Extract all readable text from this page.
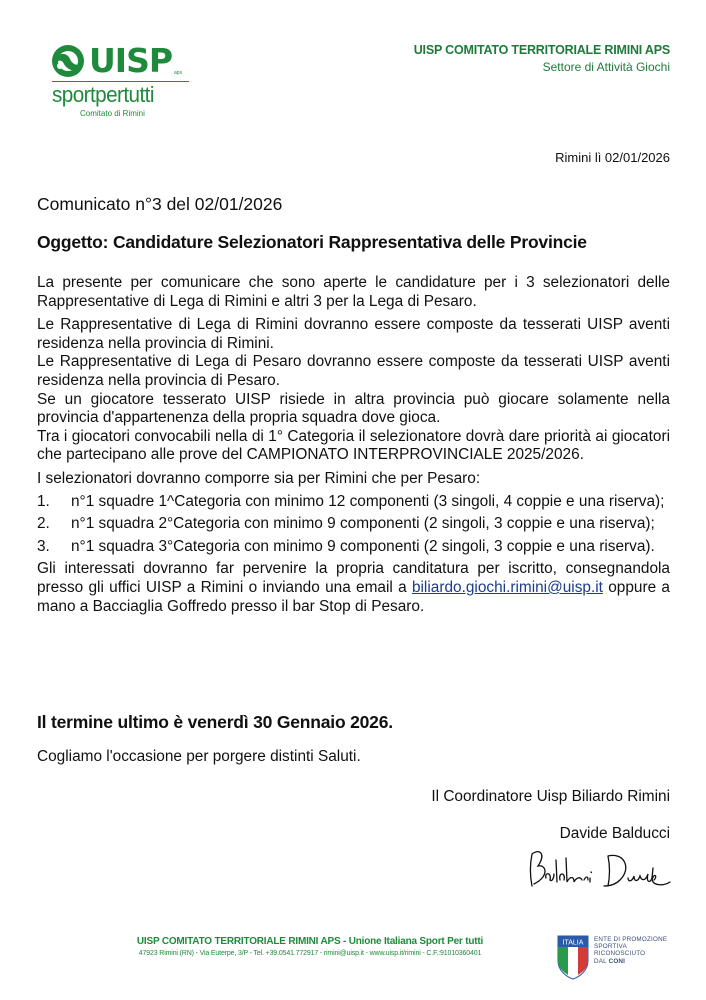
UISP aps
sportpertutti
Comitato di Rimini
UISP COMITATO TERRITORIALE RIMINI APS
Settore di Attività Giochi
Rimini lì 02/01/2026
Comunicato n°3 del 02/01/2026
Oggetto: Candidature Selezionatori Rappresentativa delle Provincie

La presente per comunicare che sono aperte le candidature per i 3 selezionatori delle

Rappresentative di Lega di Rimini e altri 3 per la Lega di Pesaro.

Le Rappresentative di Lega di Rimini dovranno essere composte da tesserati UISP aventi residenza nella provincia di Rimini.

Le Rappresentative di Lega di Pesaro dovranno essere composte da tesserati UISP aventi residenza nella provincia di Pesaro.

Se un giocatore tesserato UISP risiede in altra provincia può giocare solamente nella provincia d'appartenenza della propria squadra dove gioca.

Tra i giocatori convocabili nella di 1° Categoria il selezionatore dovrà dare priorità ai giocatori che partecipano alle prove del CAMPIONATO INTERPROVINCIALE 2025/2026.

I selezionatori dovranno comporre sia per Rimini che per Pesaro:

1.	n°1 squadre 1^Categoria con minimo 12 componenti (3 singoli, 4 coppie e una riserva);
2.	n°1 squadra 2°Categoria con minimo 9 componenti (2 singoli, 3 coppie e una riserva);
3.	n°1 squadra 3°Categoria con minimo 9 componenti (2 singoli, 3 coppie e una riserva).

Gli interessati dovranno far pervenire la propria canditatura per iscritto, consegnandola presso gli uffici UISP a Rimini o inviando una email a biliardo.giochi.rimini@uisp.it oppure a mano a Bacciaglia Goffredo presso il bar Stop di Pesaro.

Il termine ultimo è venerdì 30 Gennaio 2026.
Cogliamo l'occasione per porgere distinti Saluti.
Il Coordinatore Uisp Biliardo Rimini
Davide Balducci
UISP COMITATO TERRITORIALE RIMINI APS - Unione Italiana Sport Per tutti
47923 Rimini (RN) - Via Euterpe, 3/P - Tel. +39.0541.772917 - rimini@uisp.it - www.uisp.it/rimini - C.F.:91010360401
ITALIA ENTE DI PROMOZIONE
SPORTIVA
RICONOSCIUTO
DAL CONI
